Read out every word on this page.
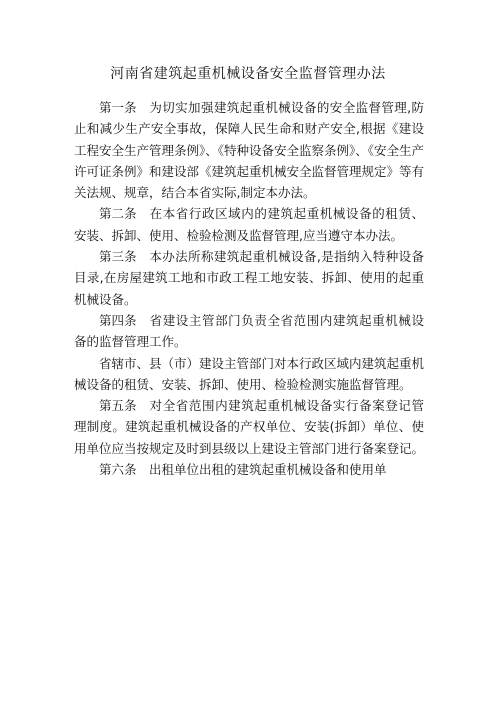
河南省建筑起重机械设备安全监督管理办法

第一条 为切实加强建筑起重机械设备的安全监督管理,防止和减少生产安全事故，保障人民生命和财产安全,根据《建设工程安全生产管理条例》、《特种设备安全监察条例》、《安全生产许可证条例》和建设部《建筑起重机械安全监督管理规定》等有关法规、规章，结合本省实际,制定本办法。

第二条 在本省行政区域内的建筑起重机械设备的租赁、安装、拆卸、使用、检验检测及监督管理,应当遵守本办法。

第三条 本办法所称建筑起重机械设备,是指纳入特种设备目录,在房屋建筑工地和市政工程工地安装、拆卸、使用的起重机械设备。

第四条 省建设主管部门负责全省范围内建筑起重机械设备的监督管理工作。

省辖市、县（市）建设主管部门对本行政区域内建筑起重机械设备的租赁、安装、拆卸、使用、检验检测实施监督管理。

第五条 对全省范围内建筑起重机械设备实行备案登记管理制度。建筑起重机械设备的产权单位、安装(拆卸）单位、使用单位应当按规定及时到县级以上建设主管部门进行备案登记。

第六条 出租单位出租的建筑起重机械设备和使用单
